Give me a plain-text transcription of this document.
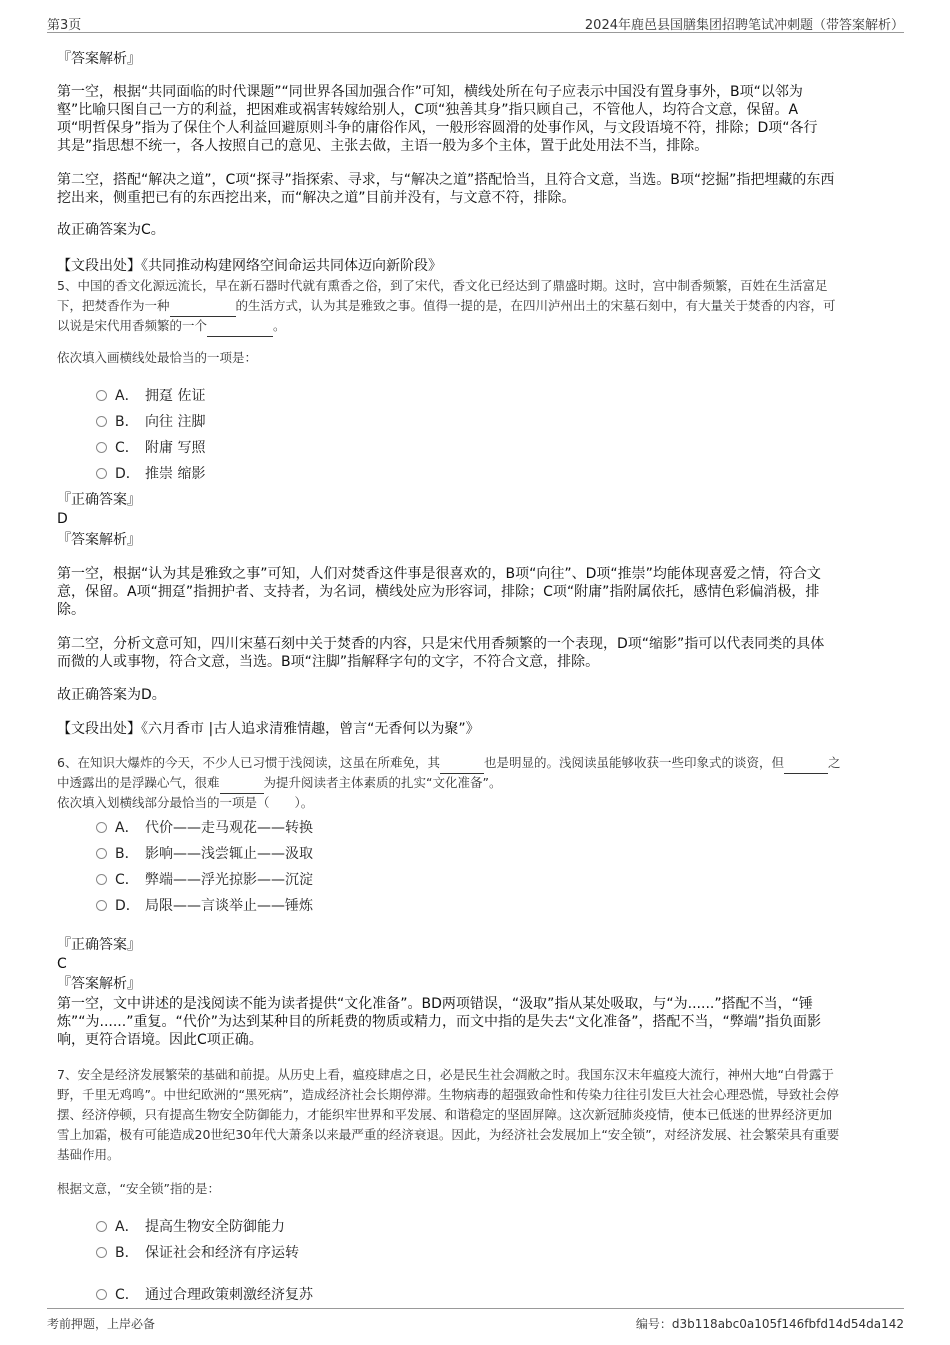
第3页	2024年鹿邑县国膳集团招聘笔试冲刺题（带答案解析）
『答案解析』
第一空，根据“共同面临的时代课题”“同世界各国加强合作”可知，横线处所在句子应表示中国没有置身事外，B项“以邻为
壑”比喻只图自己一方的利益，把困难或祸害转嫁给别人，C项“独善其身”指只顾自己，不管他人，均符合文意，保留。A
项“明哲保身”指为了保住个人利益回避原则斗争的庸俗作风，一般形容圆滑的处事作风，与文段语境不符，排除；D项“各行
其是”指思想不统一，各人按照自己的意见、主张去做，主语一般为多个主体，置于此处用法不当，排除。
第二空，搭配“解决之道”，C项“探寻”指探索、寻求，与“解决之道”搭配恰当，且符合文意，当选。B项“挖掘”指把埋藏的东西
挖出来，侧重把已有的东西挖出来，而“解决之道”目前并没有，与文意不符，排除。
故正确答案为C。
【文段出处】《共同推动构建网络空间命运共同体迈向新阶段》
5、中国的香文化源远流长，早在新石器时代就有熏香之俗，到了宋代，香文化已经达到了鼎盛时期。这时，宫中制香频繁，百姓在生活富足
下，把焚香作为一种	的生活方式，认为其是雅致之事。值得一提的是，在四川泸州出土的宋墓石刻中，有大量关于焚香的内容，可
以说是宋代用香频繁的一个	。
依次填入画横线处最恰当的一项是：
A． 拥趸 佐证
B． 向往 注脚
C． 附庸 写照
D． 推崇 缩影
『正确答案』
D
『答案解析』
第一空，根据“认为其是雅致之事”可知，人们对焚香这件事是很喜欢的，B项“向往”、D项“推崇”均能体现喜爱之情，符合文
意，保留。A项“拥趸”指拥护者、支持者，为名词，横线处应为形容词，排除；C项“附庸”指附属依托，感情色彩偏消极，排
除。
第二空，分析文意可知，四川宋墓石刻中关于焚香的内容，只是宋代用香频繁的一个表现，D项“缩影”指可以代表同类的具体
而微的人或事物，符合文意，当选。B项“注脚”指解释字句的文字，不符合文意，排除。
故正确答案为D。
【文段出处】《六月香市 |古人追求清雅情趣，曾言“无香何以为聚”》
6、在知识大爆炸的今天，不少人已习惯于浅阅读，这虽在所难免，其	也是明显的。浅阅读虽能够收获一些印象式的谈资，但	之
中透露出的是浮躁心气，很难	为提升阅读者主体素质的扎实“文化准备”。
依次填入划横线部分最恰当的一项是（　　）。
A． 代价——走马观花——转换
B． 影响——浅尝辄止——汲取
C． 弊端——浮光掠影——沉淀
D． 局限——言谈举止——锤炼
『正确答案』
C
『答案解析』
第一空，文中讲述的是浅阅读不能为读者提供“文化准备”。BD两项错误，“汲取”指从某处吸取，与“为......”搭配不当，“锤
炼”“为......”重复。“代价”为达到某种目的所耗费的物质或精力，而文中指的是失去“文化准备”，搭配不当，“弊端”指负面影
响，更符合语境。因此C项正确。
7、安全是经济发展繁荣的基础和前提。从历史上看，瘟疫肆虐之日，必是民生社会凋敝之时。我国东汉末年瘟疫大流行，神州大地“白骨露于
野，千里无鸡鸣”。中世纪欧洲的“黑死病”，造成经济社会长期停滞。生物病毒的超强致命性和传染力往往引发巨大社会心理恐慌，导致社会停
摆、经济停顿，只有提高生物安全防御能力，才能织牢世界和平发展、和谐稳定的坚固屏障。这次新冠肺炎疫情，使本已低迷的世界经济更加
雪上加霜，极有可能造成20世纪30年代大萧条以来最严重的经济衰退。因此，为经济社会发展加上“安全锁”，对经济发展、社会繁荣具有重要
基础作用。
根据文意，“安全锁”指的是：
A． 提高生物安全防御能力
B． 保证社会和经济有序运转
C． 通过合理政策刺激经济复苏
考前押题，上岸必备	编号：d3b118abc0a105f146fbfd14d54da142
